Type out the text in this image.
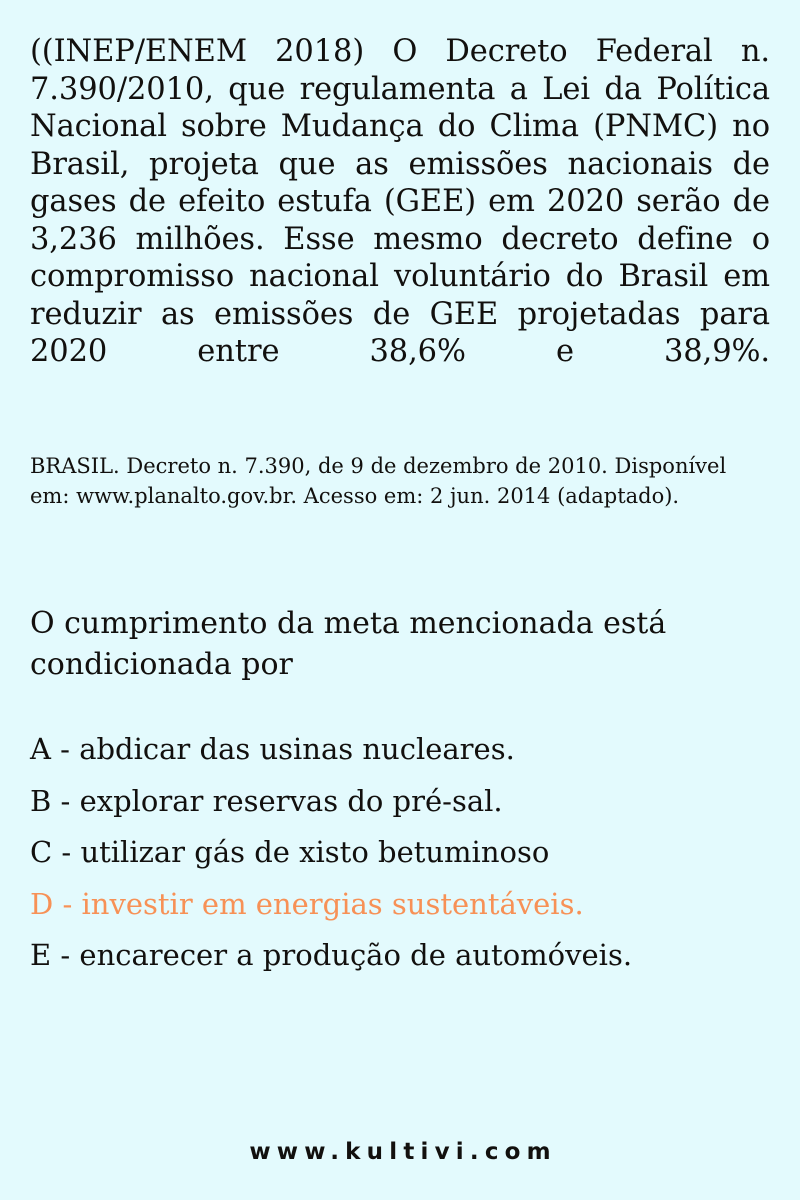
((INEP/ENEM 2018) O Decreto Federal n. 7.390/2010, que regulamenta a Lei da Política Nacional sobre Mudança do Clima (PNMC) no Brasil, projeta que as emissões nacionais de gases de efeito estufa (GEE) em 2020 serão de 3,236 milhões. Esse mesmo decreto define o compromisso nacional voluntário do Brasil em reduzir as emissões de GEE projetadas para 2020 entre 38,6% e 38,9%.

BRASIL. Decreto n. 7.390, de 9 de dezembro de 2010. Disponível em: www.planalto.gov.br. Acesso em: 2 jun. 2014 (adaptado).

O cumprimento da meta mencionada está condicionada por

A - abdicar das usinas nucleares.
B - explorar reservas do pré-sal.
C - utilizar gás de xisto betuminoso
D - investir em energias sustentáveis.
E - encarecer a produção de automóveis.
www.kultivi.com
